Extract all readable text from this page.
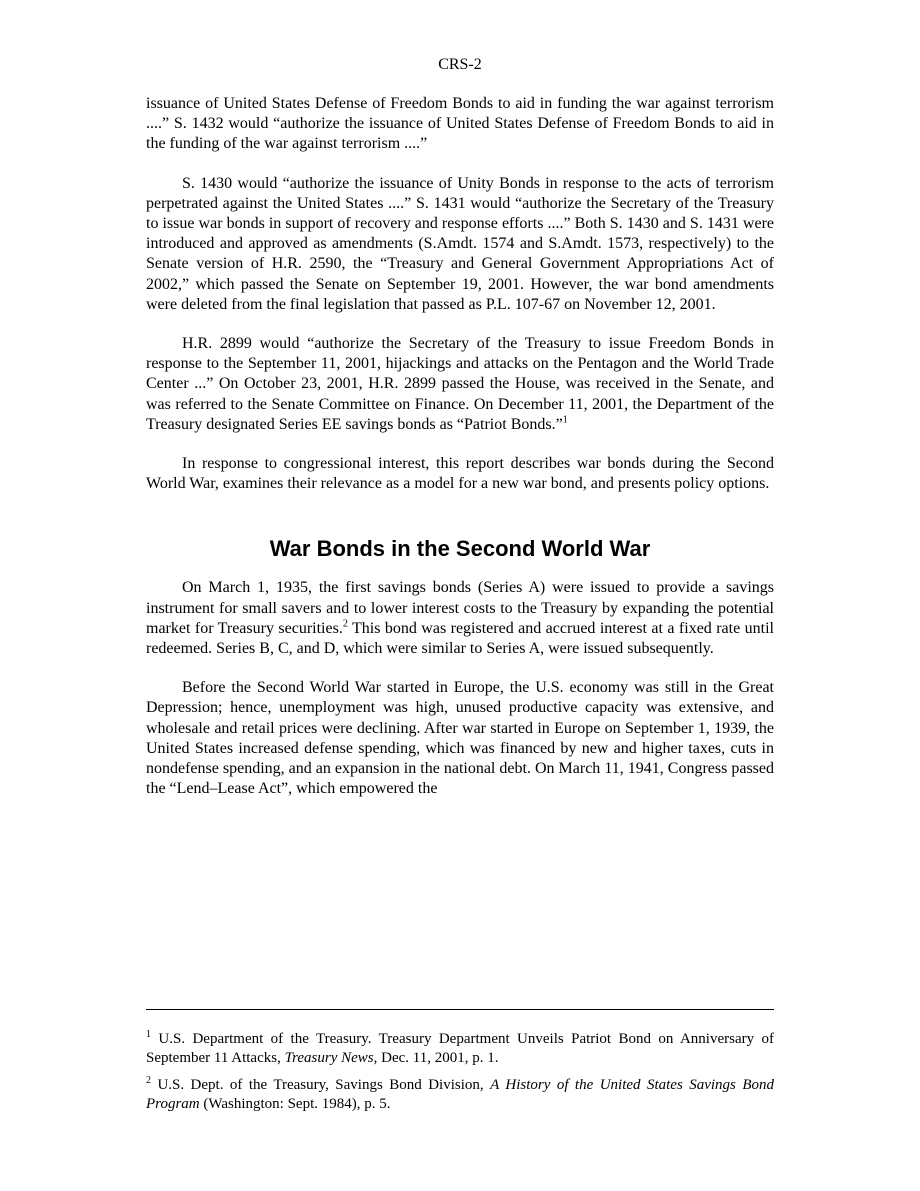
CRS-2

issuance of United States Defense of Freedom Bonds to aid in funding the war against terrorism ....” S. 1432 would “authorize the issuance of United States Defense of Freedom Bonds to aid in the funding of the war against terrorism ....”

S. 1430 would “authorize the issuance of Unity Bonds in response to the acts of terrorism perpetrated against the United States ....” S. 1431 would “authorize the Secretary of the Treasury to issue war bonds in support of recovery and response efforts ....” Both S. 1430 and S. 1431 were introduced and approved as amendments (S.Amdt. 1574 and S.Amdt. 1573, respectively) to the Senate version of H.R. 2590, the “Treasury and General Government Appropriations Act of 2002,” which passed the Senate on September 19, 2001. However, the war bond amendments were deleted from the final legislation that passed as P.L. 107-67 on November 12, 2001.

H.R. 2899 would “authorize the Secretary of the Treasury to issue Freedom Bonds in response to the September 11, 2001, hijackings and attacks on the Pentagon and the World Trade Center ...” On October 23, 2001, H.R. 2899 passed the House, was received in the Senate, and was referred to the Senate Committee on Finance. On December 11, 2001, the Department of the Treasury designated Series EE savings bonds as “Patriot Bonds.”$^1$

In response to congressional interest, this report describes war bonds during the Second World War, examines their relevance as a model for a new war bond, and presents policy options.

War Bonds in the Second World War

On March 1, 1935, the first savings bonds (Series A) were issued to provide a savings instrument for small savers and to lower interest costs to the Treasury by expanding the potential market for Treasury securities.$^2$ This bond was registered and accrued interest at a fixed rate until redeemed. Series B, C, and D, which were similar to Series A, were issued subsequently.

Before the Second World War started in Europe, the U.S. economy was still in the Great Depression; hence, unemployment was high, unused productive capacity was extensive, and wholesale and retail prices were declining. After war started in Europe on September 1, 1939, the United States increased defense spending, which was financed by new and higher taxes, cuts in nondefense spending, and an expansion in the national debt. On March 11, 1941, Congress passed the “Lend–Lease Act”, which empowered the

$^1$ U.S. Department of the Treasury. Treasury Department Unveils Patriot Bond on Anniversary of September 11 Attacks, Treasury News, Dec. 11, 2001, p. 1.

$^2$ U.S. Dept. of the Treasury, Savings Bond Division, A History of the United States Savings Bond Program (Washington: Sept. 1984), p. 5.
